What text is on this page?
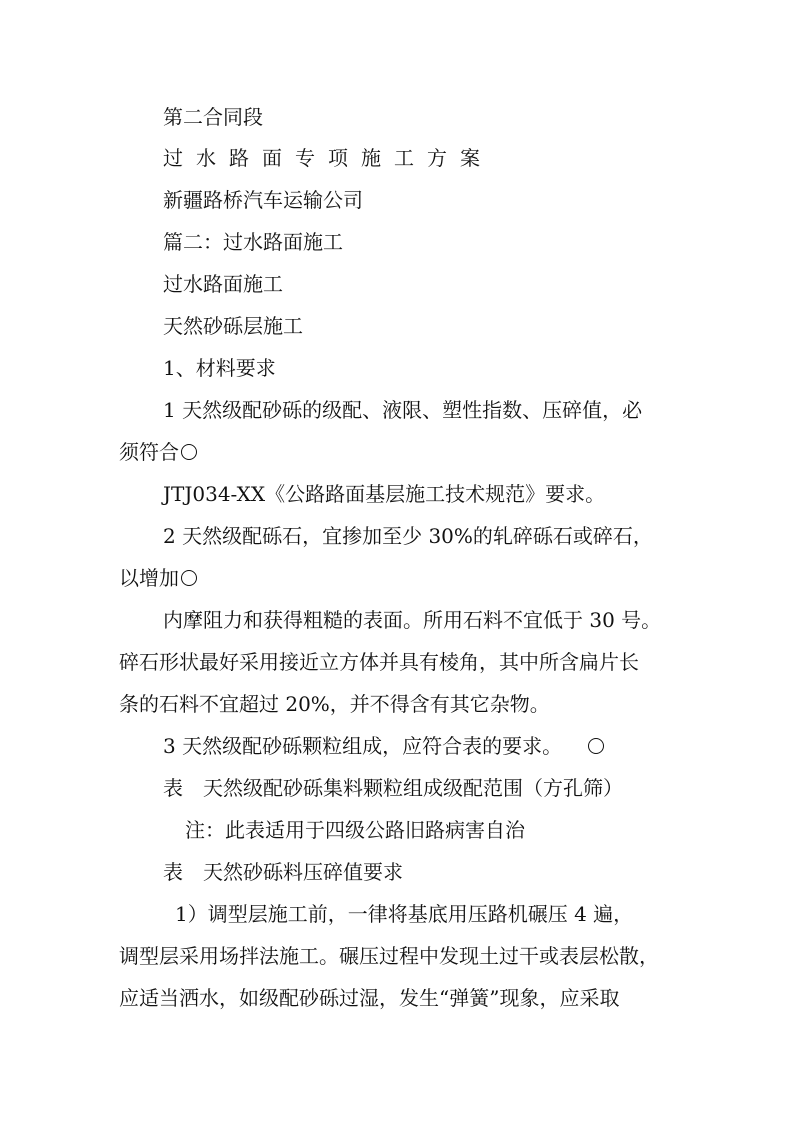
第二合同段
过水路面专项施工方案
新疆路桥汽车运输公司
篇二：过水路面施工
过水路面施工
天然砂砾层施工
1、材料要求
1 天然级配砂砾的级配、液限、塑性指数、压碎值，必
须符合
JTJ034-XX《公路路面基层施工技术规范》要求。
2 天然级配砾石，宜掺加至少 30%的轧碎砾石或碎石，
以增加
内摩阻力和获得粗糙的表面。所用石料不宜低于 30 号。
碎石形状最好采用接近立方体并具有棱角，其中所含扁片长
条的石料不宜超过 20%，并不得含有其它杂物。
3 天然级配砂砾颗粒组成，应符合表的要求。
表　天然级配砂砾集料颗粒组成级配范围（方孔筛）
注：此表适用于四级公路旧路病害自治
表　天然砂砾料压碎值要求
1）调型层施工前，一律将基底用压路机碾压 4 遍，
调型层采用场拌法施工。碾压过程中发现土过干或表层松散，
应适当洒水，如级配砂砾过湿，发生“弹簧”现象，应采取
